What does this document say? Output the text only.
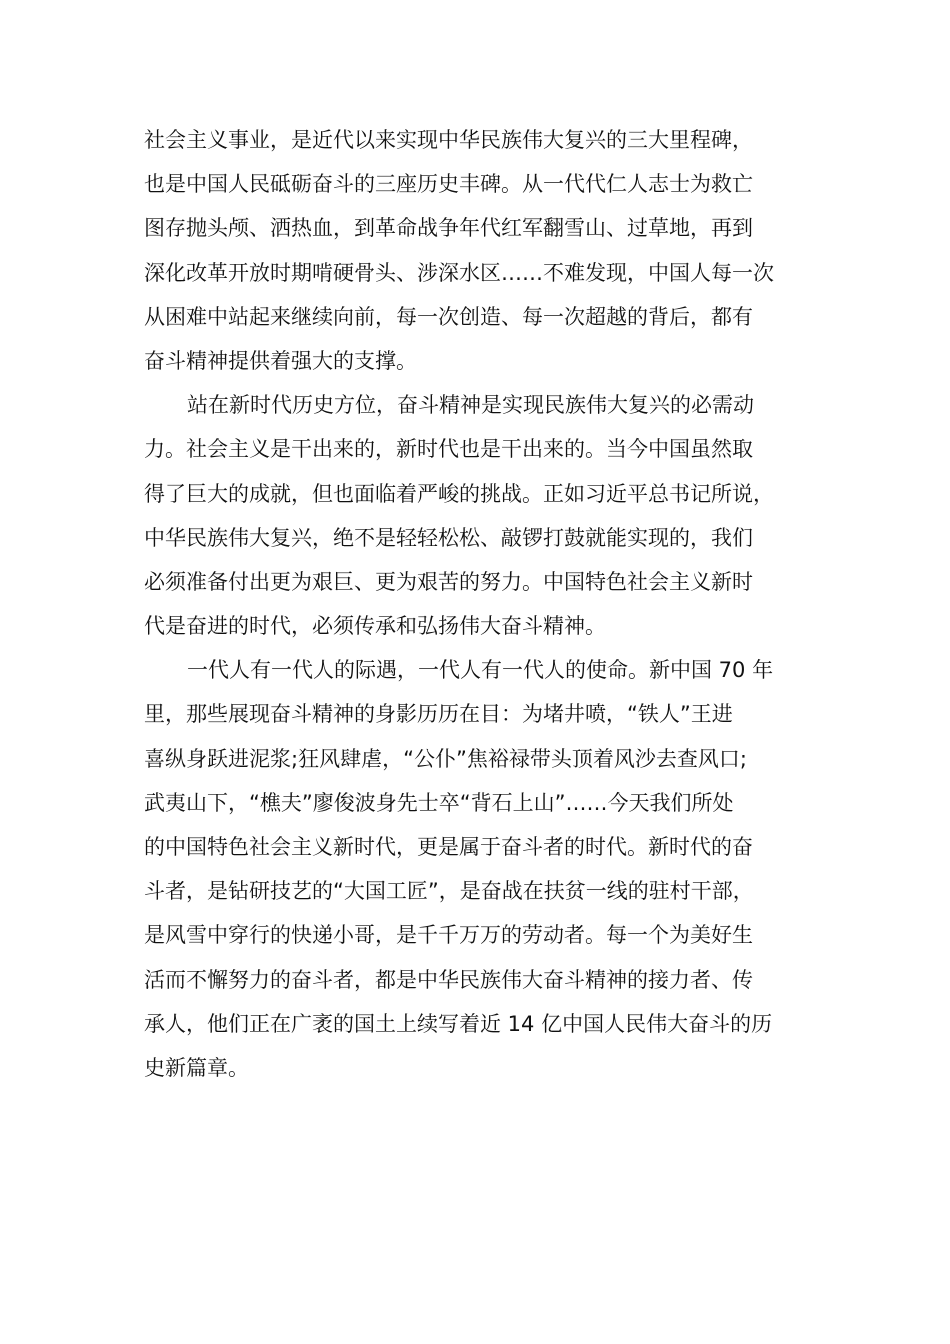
社会主义事业，是近代以来实现中华民族伟大复兴的三大里程碑，
也是中国人民砥砺奋斗的三座历史丰碑。从一代代仁人志士为救亡
图存抛头颅、洒热血，到革命战争年代红军翻雪山、过草地，再到
深化改革开放时期啃硬骨头、涉深水区……不难发现，中国人每一次
从困难中站起来继续向前，每一次创造、每一次超越的背后，都有
奋斗精神提供着强大的支撑。
站在新时代历史方位，奋斗精神是实现民族伟大复兴的必需动
力。社会主义是干出来的，新时代也是干出来的。当今中国虽然取
得了巨大的成就，但也面临着严峻的挑战。正如习近平总书记所说，
中华民族伟大复兴，绝不是轻轻松松、敲锣打鼓就能实现的，我们
必须准备付出更为艰巨、更为艰苦的努力。中国特色社会主义新时
代是奋进的时代，必须传承和弘扬伟大奋斗精神。
一代人有一代人的际遇，一代人有一代人的使命。新中国 70 年
里，那些展现奋斗精神的身影历历在目：为堵井喷，“铁人”王进
喜纵身跃进泥浆;狂风肆虐，“公仆”焦裕禄带头顶着风沙去查风口;
武夷山下，“樵夫”廖俊波身先士卒“背石上山”……今天我们所处
的中国特色社会主义新时代，更是属于奋斗者的时代。新时代的奋
斗者，是钻研技艺的“大国工匠”，是奋战在扶贫一线的驻村干部，
是风雪中穿行的快递小哥，是千千万万的劳动者。每一个为美好生
活而不懈努力的奋斗者，都是中华民族伟大奋斗精神的接力者、传
承人，他们正在广袤的国土上续写着近 14 亿中国人民伟大奋斗的历
史新篇章。
